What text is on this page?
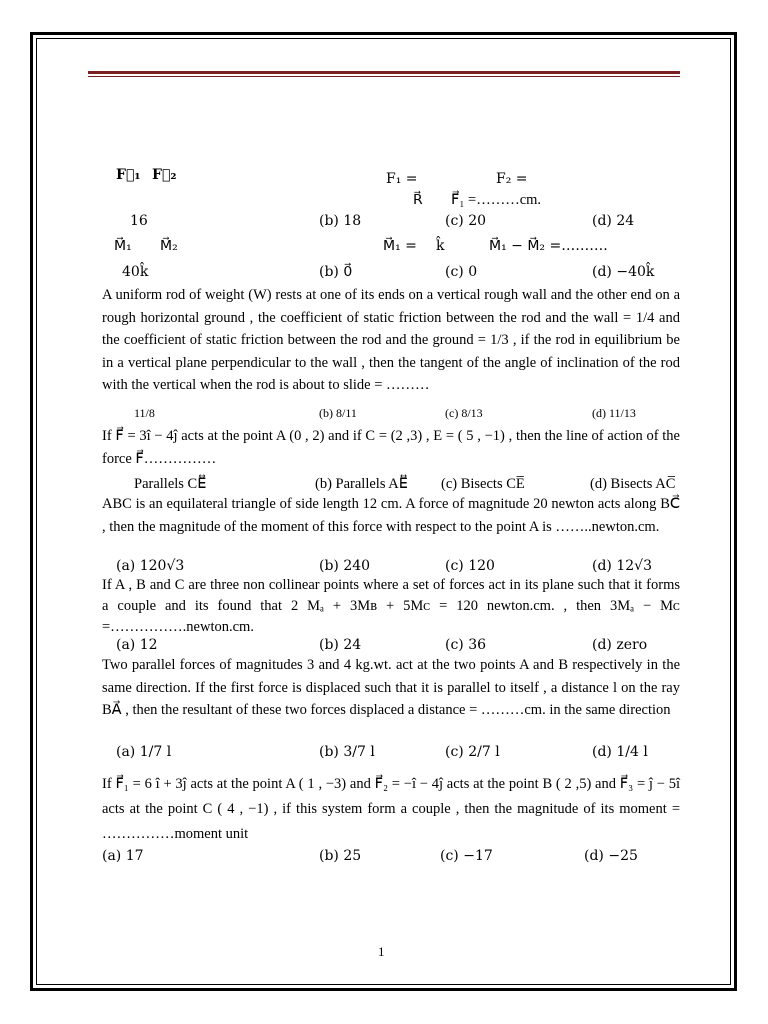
F⃗₁ F⃗₂	F₁ =	F₂ =
R⃗ F⃗₁ =………cm.
16	(b) 18	(c) 20	(d) 24
M⃗₁ M⃗₂	M⃗₁ = k̂	M⃗₁ − M⃗₂ =……….
40k̂	(b) 0⃗	(c) 0	(d) −40k̂
A uniform rod of weight (W) rests at one of its ends on a vertical rough wall and the other end on a rough horizontal ground , the coefficient of static friction between the rod and the wall = 1/4 and the coefficient of static friction between the rod and the ground = 1/3 , if the rod in equilibrium be in a vertical plane perpendicular to the wall , then the tangent of the angle of inclination of the rod with the vertical when the rod is about to slide = ………
11/8	(b) 8/11	(c) 8/13	(d) 11/13
If F⃗ = 3î − 4ĵ acts at the point A (0 , 2) and if C = (2 ,3) , E = ( 5 , −1) , then the line of action of the force F⃗……………
Parallels CE⃡	(b) Parallels AE⃡ (c) Bisects CE̅	(d) Bisects AC̅
ABC is an equilateral triangle of side length 12 cm. A force of magnitude 20 newton acts along BC⃗ , then the magnitude of the moment of this force with respect to the point A is ……..newton.cm.
(a) 120√3	(b) 240	(c) 120	(d) 12√3
If A , B and C are three non collinear points where a set of forces act in its plane such that it forms a couple and its found that 2 Mₐ + 3Mʙ + 5Mᴄ = 120 newton.cm. , then 3Mₐ − Mᴄ =…………….newton.cm.
(a) 12	(b) 24	(c) 36	(d) zero
Two parallel forces of magnitudes 3 and 4 kg.wt. act at the two points A and B respectively in the same direction. If the first force is displaced such that it is parallel to itself , a distance l on the ray BA⃗ , then the resultant of these two forces displaced a distance = ………cm. in the same direction
(a) 1/7 l	(b) 3/7 l	(c) 2/7 l	(d) 1/4 l
If F⃗₁ = 6 î + 3ĵ acts at the point A ( 1 , −3) and F⃗₂ = −î − 4ĵ acts at the point B ( 2 ,5) and F⃗₃ = ĵ − 5î acts at the point C ( 4 , −1) , if this system form a couple , then the magnitude of its moment = ……………moment unit
(a) 17	(b) 25	(c) −17	(d) −25
1
